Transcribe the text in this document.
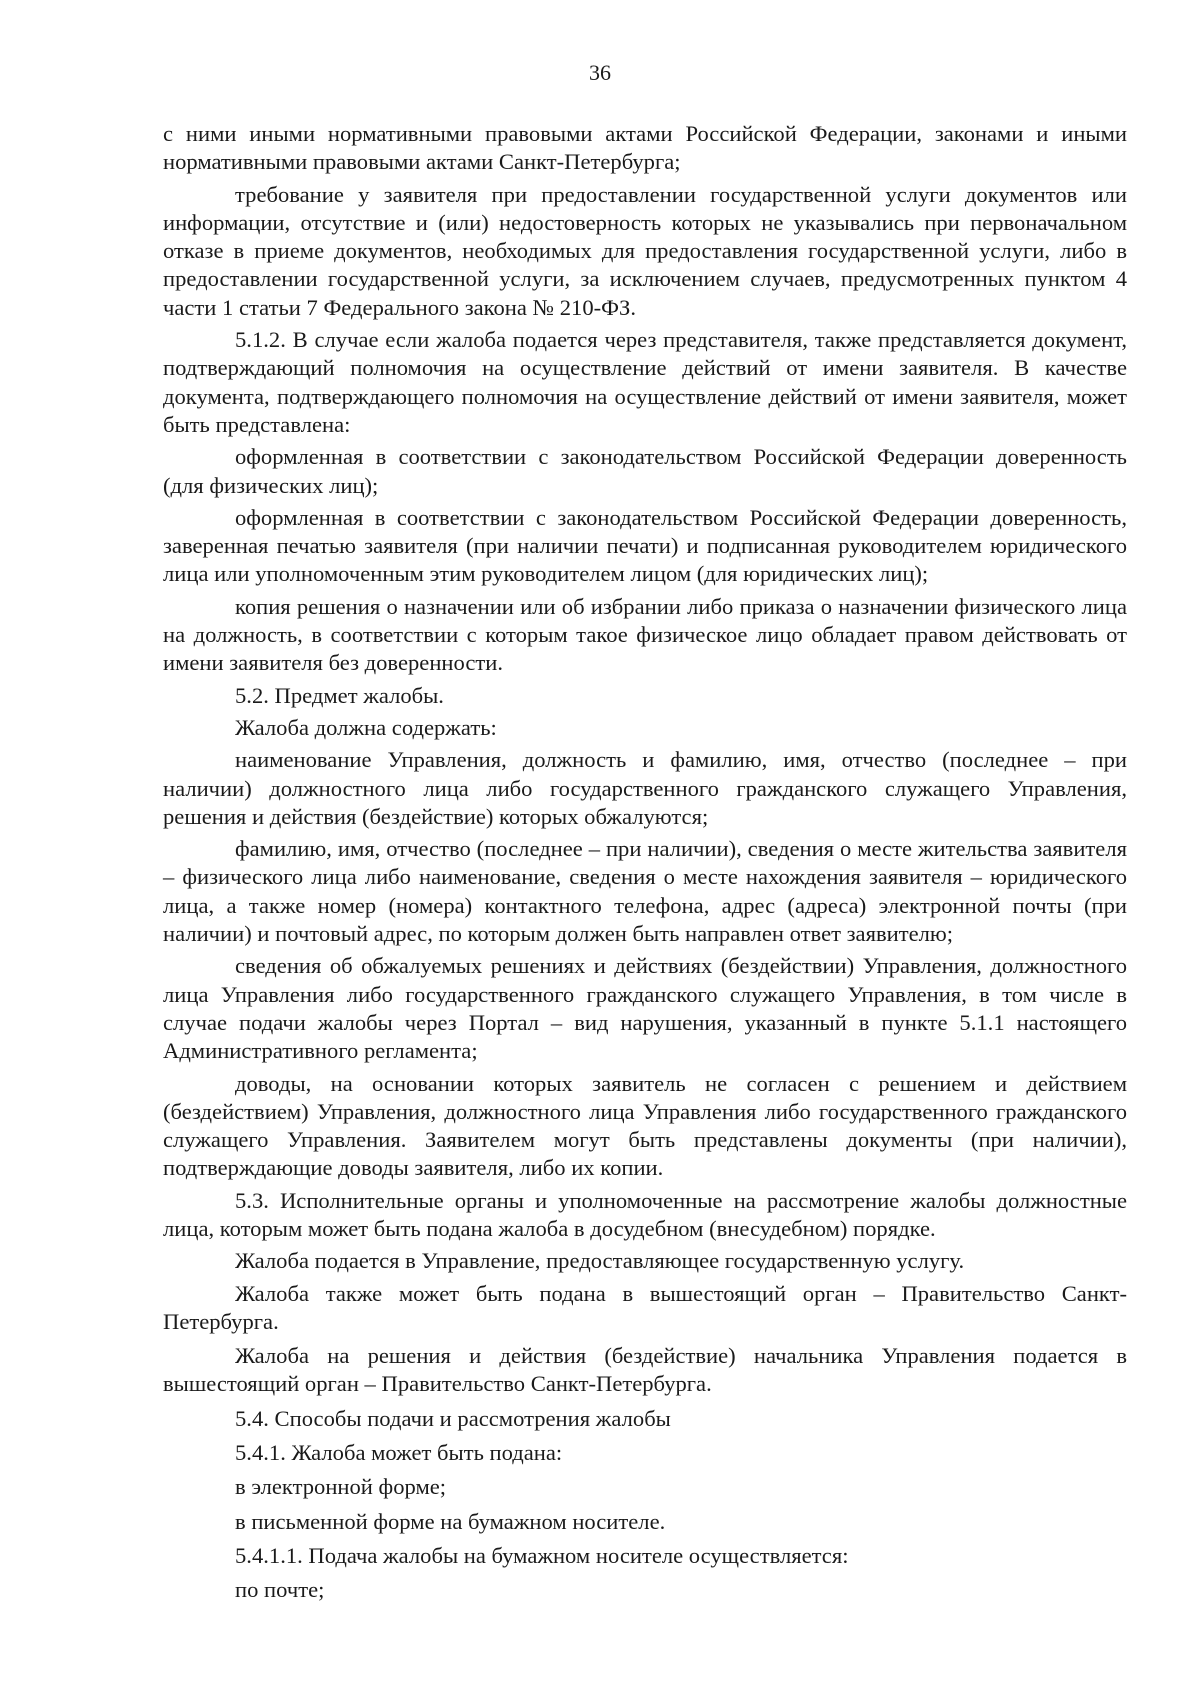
36

с ними иными нормативными правовыми актами Российской Федерации, законами и иными нормативными правовыми актами Санкт-Петербурга;

требование у заявителя при предоставлении государственной услуги документов или информации, отсутствие и (или) недостоверность которых не указывались при первоначальном отказе в приеме документов, необходимых для предоставления государственной услуги, либо в предоставлении государственной услуги, за исключением случаев, предусмотренных пунктом 4 части 1 статьи 7 Федерального закона № 210-ФЗ.

5.1.2. В случае если жалоба подается через представителя, также представляется документ, подтверждающий полномочия на осуществление действий от имени заявителя. В качестве документа, подтверждающего полномочия на осуществление действий от имени заявителя, может быть представлена:

оформленная в соответствии с законодательством Российской Федерации доверенность (для физических лиц);

оформленная в соответствии с законодательством Российской Федерации доверенность, заверенная печатью заявителя (при наличии печати) и подписанная руководителем юридического лица или уполномоченным этим руководителем лицом (для юридических лиц);

копия решения о назначении или об избрании либо приказа о назначении физического лица на должность, в соответствии с которым такое физическое лицо обладает правом действовать от имени заявителя без доверенности.

5.2. Предмет жалобы.

Жалоба должна содержать:

наименование Управления, должность и фамилию, имя, отчество (последнее – при наличии) должностного лица либо государственного гражданского служащего Управления, решения и действия (бездействие) которых обжалуются;

фамилию, имя, отчество (последнее – при наличии), сведения о месте жительства заявителя – физического лица либо наименование, сведения о месте нахождения заявителя – юридического лица, а также номер (номера) контактного телефона, адрес (адреса) электронной почты (при наличии) и почтовый адрес, по которым должен быть направлен ответ заявителю;

сведения об обжалуемых решениях и действиях (бездействии) Управления, должностного лица Управления либо государственного гражданского служащего Управления, в том числе в случае подачи жалобы через Портал – вид нарушения, указанный в пункте 5.1.1 настоящего Административного регламента;

доводы, на основании которых заявитель не согласен с решением и действием (бездействием) Управления, должностного лица Управления либо государственного гражданского служащего Управления. Заявителем могут быть представлены документы (при наличии), подтверждающие доводы заявителя, либо их копии.

5.3. Исполнительные органы и уполномоченные на рассмотрение жалобы должностные лица, которым может быть подана жалоба в досудебном (внесудебном) порядке.

Жалоба подается в Управление, предоставляющее государственную услугу.

Жалоба также может быть подана в вышестоящий орган – Правительство Санкт-Петербурга.

Жалоба на решения и действия (бездействие) начальника Управления подается в вышестоящий орган – Правительство Санкт-Петербурга.

5.4. Способы подачи и рассмотрения жалобы

5.4.1. Жалоба может быть подана:

в электронной форме;

в письменной форме на бумажном носителе.

5.4.1.1. Подача жалобы на бумажном носителе осуществляется:

по почте;
